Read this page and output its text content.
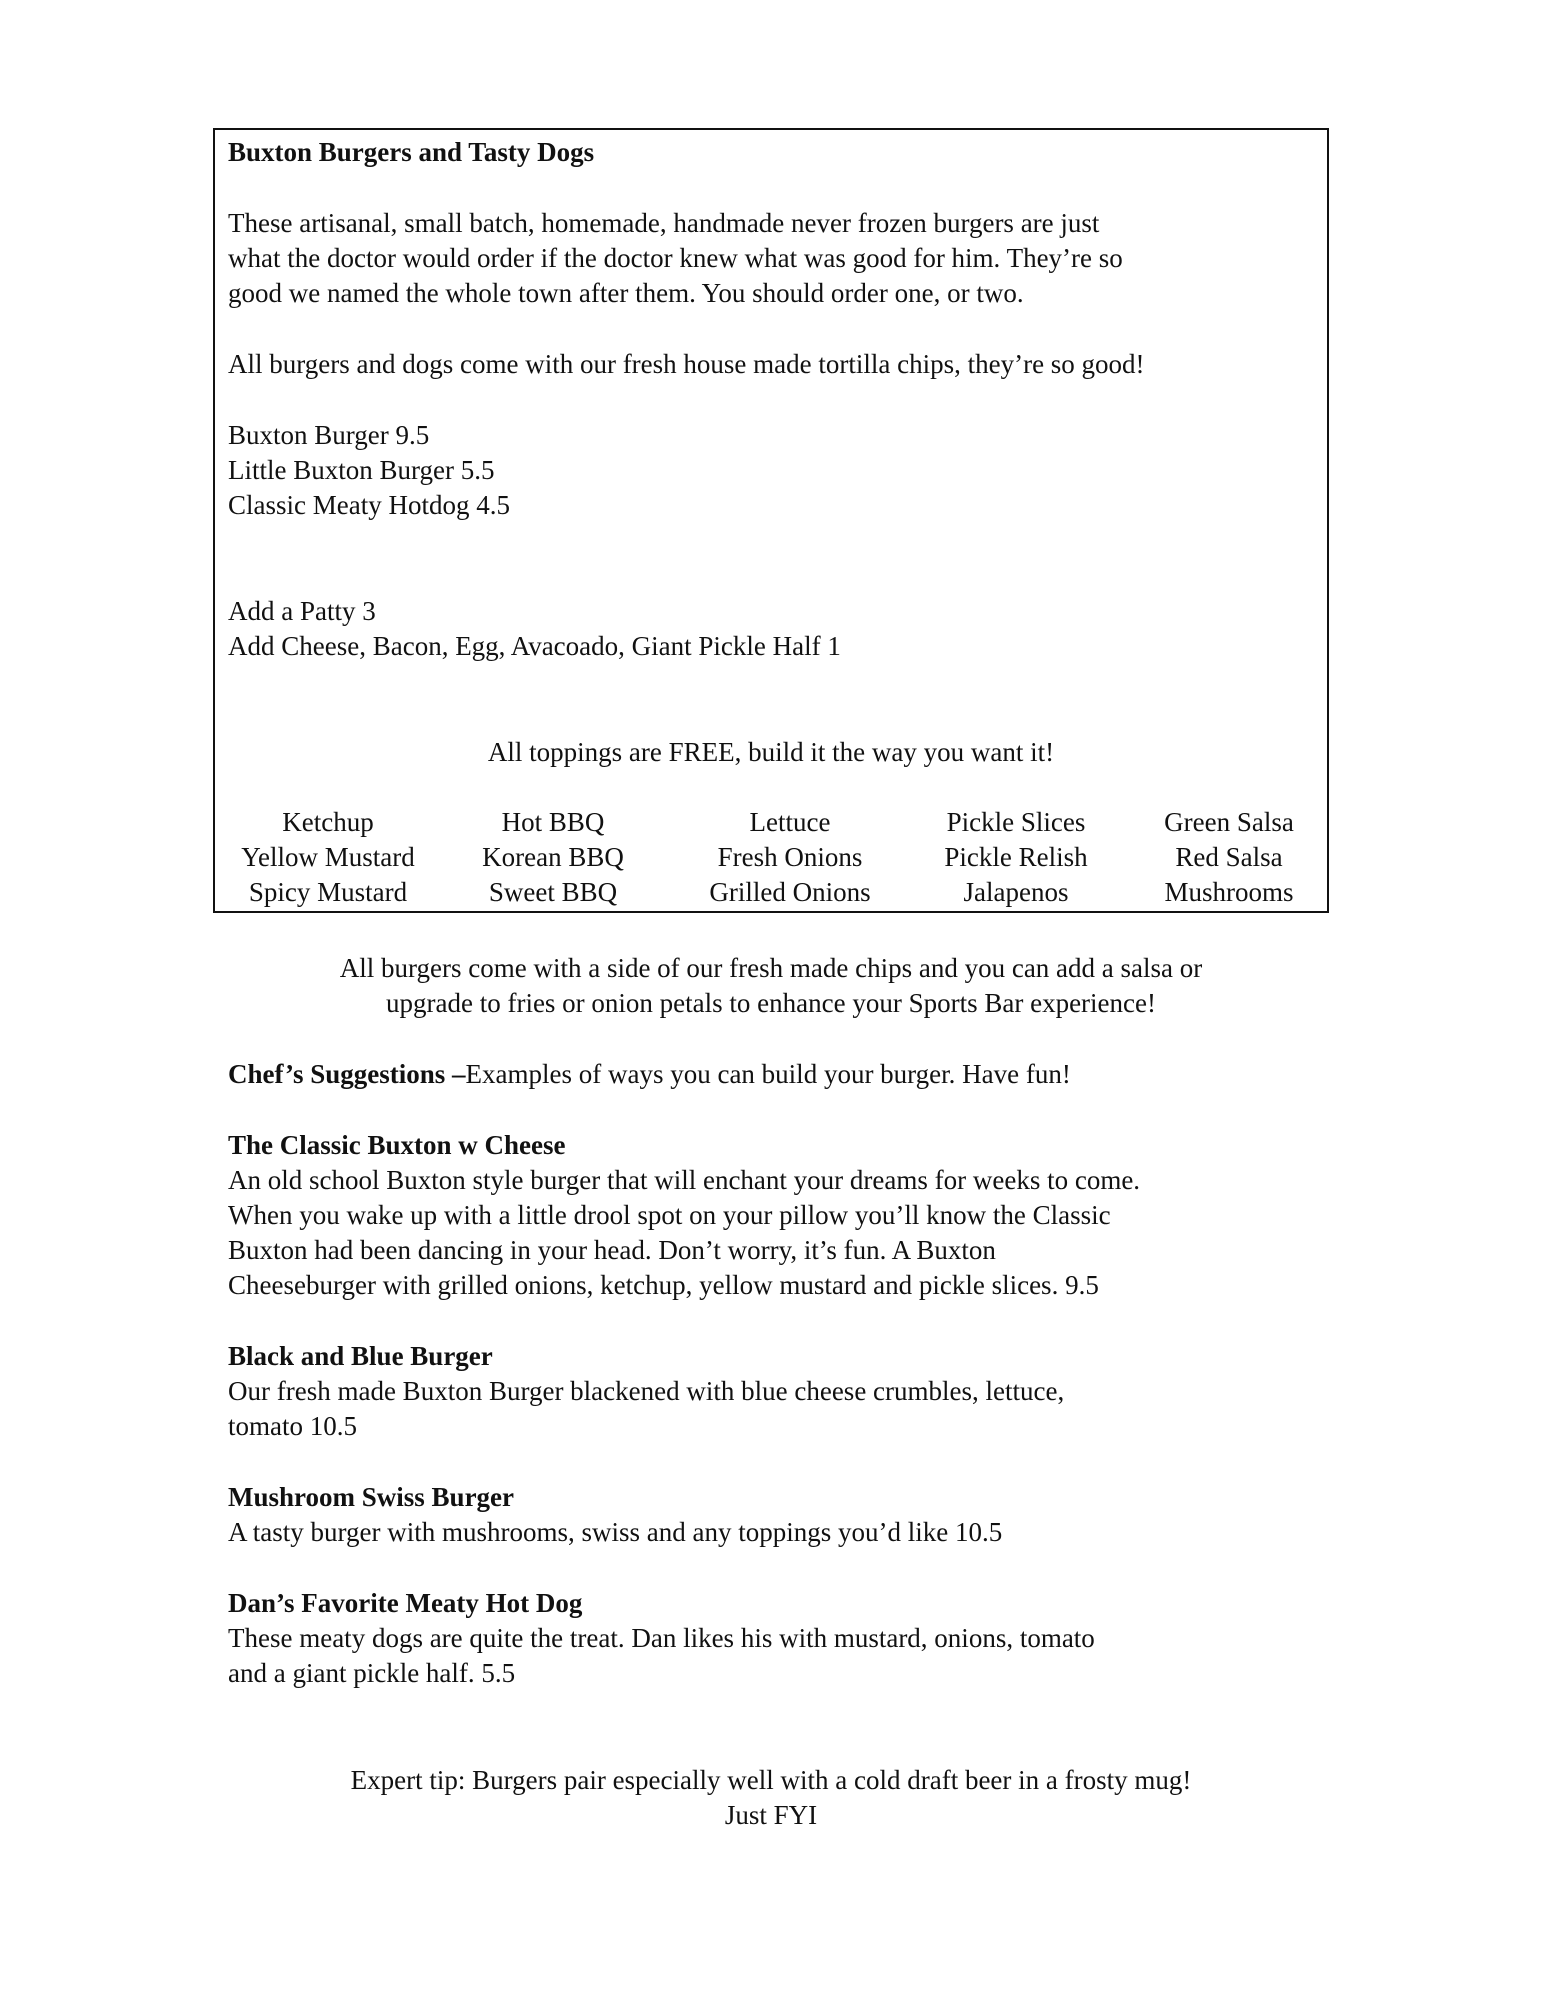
Buxton Burgers and Tasty Dogs
These artisanal, small batch, homemade, handmade never frozen burgers are just
what the doctor would order if the doctor knew what was good for him. They’re so
good we named the whole town after them. You should order one, or two.
All burgers and dogs come with our fresh house made tortilla chips, they’re so good!
Buxton Burger 9.5
Little Buxton Burger 5.5
Classic Meaty Hotdog 4.5
Add a Patty 3
Add Cheese, Bacon, Egg, Avacoado, Giant Pickle Half 1
All toppings are FREE, build it the way you want it!
Ketchup
Yellow Mustard
Spicy Mustard
Hot BBQ
Korean BBQ
Sweet BBQ
Lettuce
Fresh Onions
Grilled Onions
Pickle Slices
Pickle Relish
Jalapenos
Green Salsa
Red Salsa
Mushrooms
All burgers come with a side of our fresh made chips and you can add a salsa or
upgrade to fries or onion petals to enhance your Sports Bar experience!
Chef’s Suggestions –Examples of ways you can build your burger. Have fun!
The Classic Buxton w Cheese
An old school Buxton style burger that will enchant your dreams for weeks to come.
When you wake up with a little drool spot on your pillow you’ll know the Classic
Buxton had been dancing in your head. Don’t worry, it’s fun. A Buxton
Cheeseburger with grilled onions, ketchup, yellow mustard and pickle slices. 9.5
Black and Blue Burger
Our fresh made Buxton Burger blackened with blue cheese crumbles, lettuce,
tomato 10.5
Mushroom Swiss Burger
A tasty burger with mushrooms, swiss and any toppings you’d like 10.5
Dan’s Favorite Meaty Hot Dog
These meaty dogs are quite the treat. Dan likes his with mustard, onions, tomato
and a giant pickle half. 5.5
Expert tip: Burgers pair especially well with a cold draft beer in a frosty mug!
Just FYI
